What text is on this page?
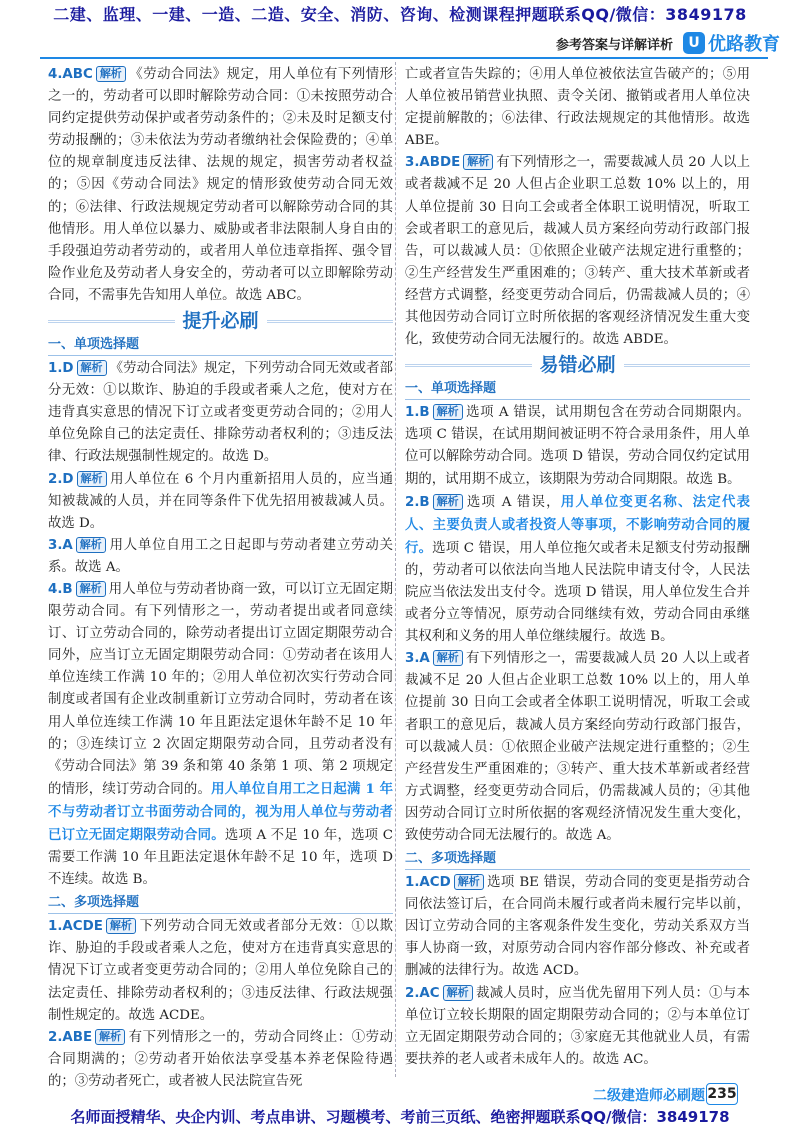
二建、监理、一建、一造、二造、安全、消防、咨询、检测课程押题联系QQ/微信：3849178
参考答案与详解详析	U 优路教育

4.ABC 解析 《劳动合同法》规定，用人单位有下列情形之一的，劳动者可以即时解除劳动合同：①未按照劳动合同约定提供劳动保护或者劳动条件的；②未及时足额支付劳动报酬的；③未依法为劳动者缴纳社会保险费的；④单位的规章制度违反法律、法规的规定，损害劳动者权益的；⑤因《劳动合同法》规定的情形致使劳动合同无效的；⑥法律、行政法规规定劳动者可以解除劳动合同的其他情形。用人单位以暴力、威胁或者非法限制人身自由的手段强迫劳动者劳动的，或者用人单位违章指挥、强令冒险作业危及劳动者人身安全的，劳动者可以立即解除劳动合同，不需事先告知用人单位。故选 ABC。

提升必刷
一、单项选择题

1.D 解析 《劳动合同法》规定，下列劳动合同无效或者部分无效：①以欺诈、胁迫的手段或者乘人之危，使对方在违背真实意思的情况下订立或者变更劳动合同的；②用人单位免除自己的法定责任、排除劳动者权利的；③违反法律、行政法规强制性规定的。故选 D。

2.D 解析 用人单位在 6 个月内重新招用人员的，应当通知被裁减的人员，并在同等条件下优先招用被裁减人员。故选 D。

3.A 解析 用人单位自用工之日起即与劳动者建立劳动关系。故选 A。

4.B 解析 用人单位与劳动者协商一致，可以订立无固定期限劳动合同。有下列情形之一，劳动者提出或者同意续订、订立劳动合同的，除劳动者提出订立固定期限劳动合同外，应当订立无固定期限劳动合同：①劳动者在该用人单位连续工作满 10 年的；②用人单位初次实行劳动合同制度或者国有企业改制重新订立劳动合同时，劳动者在该用人单位连续工作满 10 年且距法定退休年龄不足 10 年的；③连续订立 2 次固定期限劳动合同，且劳动者没有《劳动合同法》第 39 条和第 40 条第 1 项、第 2 项规定的情形，续订劳动合同的。用人单位自用工之日起满 1 年不与劳动者订立书面劳动合同的，视为用人单位与劳动者已订立无固定期限劳动合同。选项 A 不足 10 年，选项 C 需要工作满 10 年且距法定退休年龄不足 10 年，选项 D 不连续。故选 B。

二、多项选择题

1.ACDE 解析 下列劳动合同无效或者部分无效：①以欺诈、胁迫的手段或者乘人之危，使对方在违背真实意思的情况下订立或者变更劳动合同的；②用人单位免除自己的法定责任、排除劳动者权利的；③违反法律、行政法规强制性规定的。故选 ACDE。

2.ABE 解析 有下列情形之一的，劳动合同终止：①劳动合同期满的；②劳动者开始依法享受基本养老保险待遇的；③劳动者死亡，或者被人民法院宣告死

亡或者宣告失踪的；④用人单位被依法宣告破产的；⑤用人单位被吊销营业执照、责令关闭、撤销或者用人单位决定提前解散的；⑥法律、行政法规规定的其他情形。故选 ABE。

3.ABDE 解析 有下列情形之一，需要裁减人员 20 人以上或者裁减不足 20 人但占企业职工总数 10% 以上的，用人单位提前 30 日向工会或者全体职工说明情况，听取工会或者职工的意见后，裁减人员方案经向劳动行政部门报告，可以裁减人员：①依照企业破产法规定进行重整的；②生产经营发生严重困难的；③转产、重大技术革新或者经营方式调整，经变更劳动合同后，仍需裁减人员的；④其他因劳动合同订立时所依据的客观经济情况发生重大变化，致使劳动合同无法履行的。故选 ABDE。

易错必刷
一、单项选择题

1.B 解析 选项 A 错误，试用期包含在劳动合同期限内。选项 C 错误，在试用期间被证明不符合录用条件，用人单位可以解除劳动合同。选项 D 错误，劳动合同仅约定试用期的，试用期不成立，该期限为劳动合同期限。故选 B。

2.B 解析 选项 A 错误，用人单位变更名称、法定代表人、主要负责人或者投资人等事项，不影响劳动合同的履行。选项 C 错误，用人单位拖欠或者未足额支付劳动报酬的，劳动者可以依法向当地人民法院申请支付令，人民法院应当依法发出支付令。选项 D 错误，用人单位发生合并或者分立等情况，原劳动合同继续有效，劳动合同由承继其权利和义务的用人单位继续履行。故选 B。

3.A 解析 有下列情形之一，需要裁减人员 20 人以上或者裁减不足 20 人但占企业职工总数 10% 以上的，用人单位提前 30 日向工会或者全体职工说明情况，听取工会或者职工的意见后，裁减人员方案经向劳动行政部门报告，可以裁减人员：①依照企业破产法规定进行重整的；②生产经营发生严重困难的；③转产、重大技术革新或者经营方式调整，经变更劳动合同后，仍需裁减人员的；④其他因劳动合同订立时所依据的客观经济情况发生重大变化，致使劳动合同无法履行的。故选 A。

二、多项选择题

1.ACD 解析 选项 BE 错误，劳动合同的变更是指劳动合同依法签订后，在合同尚未履行或者尚未履行完毕以前，因订立劳动合同的主客观条件发生变化，劳动关系双方当事人协商一致，对原劳动合同内容作部分修改、补充或者删减的法律行为。故选 ACD。

2.AC 解析 裁减人员时，应当优先留用下列人员：①与本单位订立较长期限的固定期限劳动合同的；②与本单位订立无固定期限劳动合同的；③家庭无其他就业人员，有需要扶养的老人或者未成年人的。故选 AC。

二级建造师必刷题 235
名师面授精华、央企内训、考点串讲、习题模考、考前三页纸、绝密押题联系QQ/微信：3849178
